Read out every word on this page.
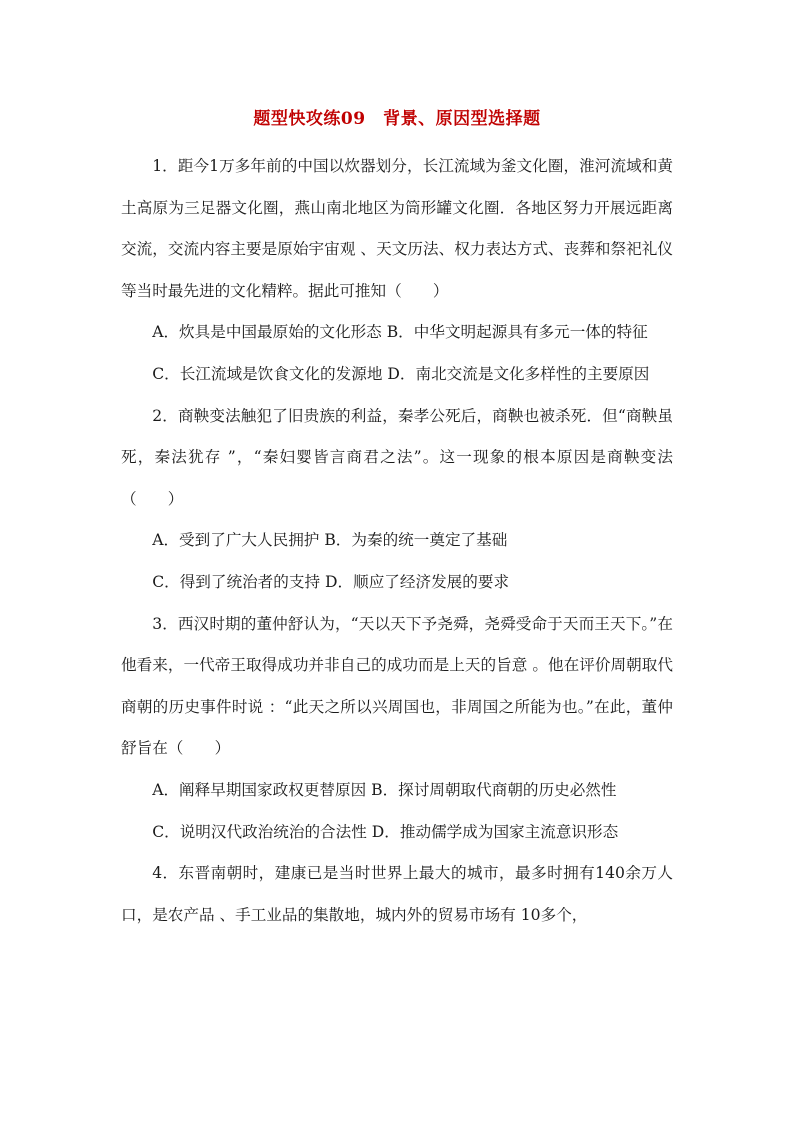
题型快攻练09　背景、原因型选择题

1．距今1万多年前的中国以炊器划分，长江流域为釜文化圈，淮河流域和黄土高原为三足器文化圈，燕山南北地区为筒形罐文化圈．各地区努力开展远距离交流，交流内容主要是原始宇宙观 、天文历法、权力表达方式、丧葬和祭祀礼仪等当时最先进的文化精粹。据此可推知（　　）

A．炊具是中国最原始的文化形态 B．中华文明起源具有多元一体的特征

C．长江流域是饮食文化的发源地 D．南北交流是文化多样性的主要原因

2．商鞅变法触犯了旧贵族的利益，秦孝公死后，商鞅也被杀死．但“商鞅虽死，秦法犹存 ”，“秦妇婴皆言商君之法”。这一现象的根本原因是商鞅变法（　　）

A．受到了广大人民拥护 B．为秦的统一奠定了基础

C．得到了统治者的支持 D．顺应了经济发展的要求

3．西汉时期的董仲舒认为，“天以天下予尧舜，尧舜受命于天而王天下。”在他看来，一代帝王取得成功并非自己的成功而是上天的旨意 。他在评价周朝取代商朝的历史事件时说 ：“此天之所以兴周国也，非周国之所能为也。”在此，董仲舒旨在（　　）

A．阐释早期国家政权更替原因 B．探讨周朝取代商朝的历史必然性

C．说明汉代政治统治的合法性 D．推动儒学成为国家主流意识形态

4．东晋南朝时，建康已是当时世界上最大的城市，最多时拥有140余万人口，是农产品 、手工业品的集散地，城内外的贸易市场有 10多个，
